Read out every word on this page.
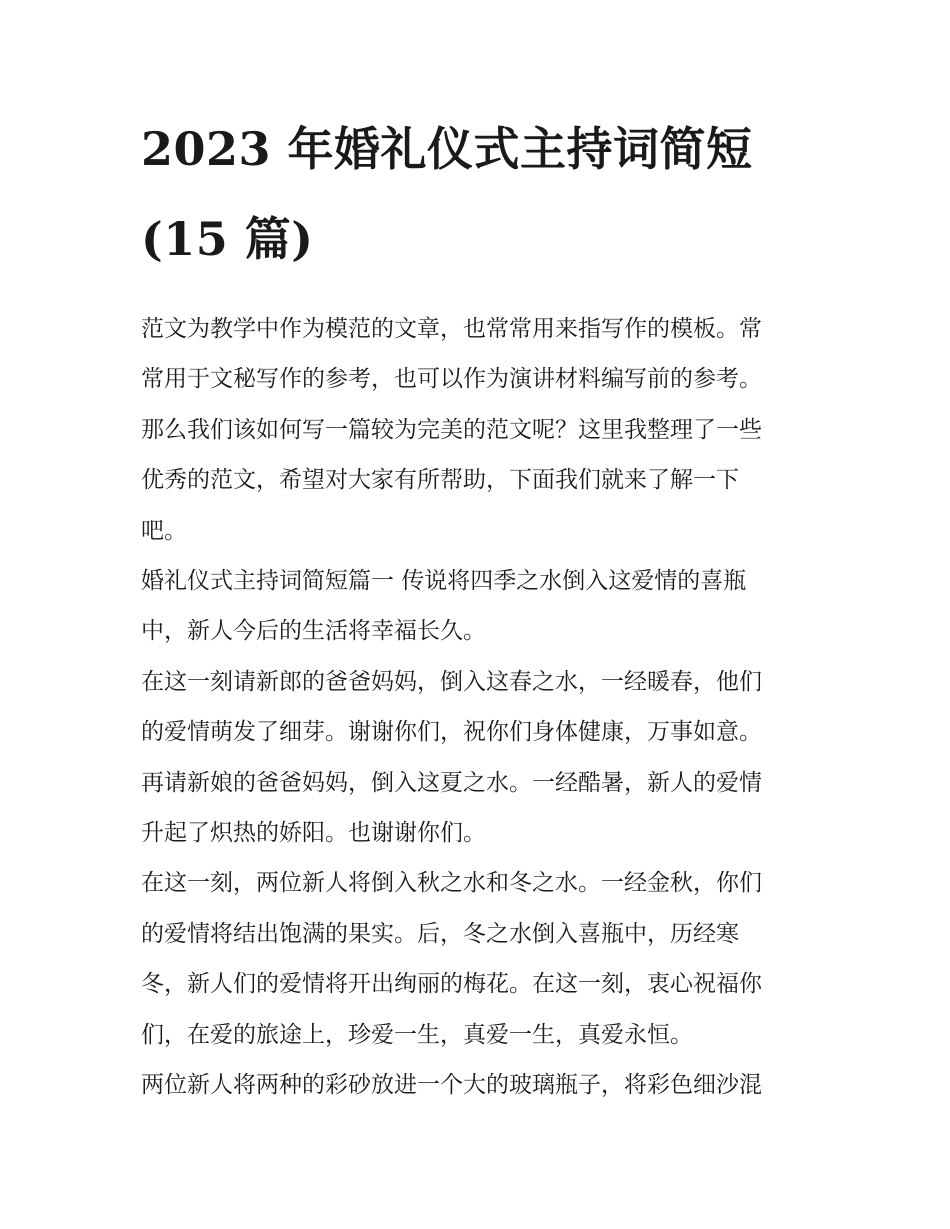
2023 年婚礼仪式主持词简短
(15 篇)

范文为教学中作为模范的文章，也常常用来指写作的模板。常
常用于文秘写作的参考，也可以作为演讲材料编写前的参考。
那么我们该如何写一篇较为完美的范文呢？这里我整理了一些
优秀的范文，希望对大家有所帮助，下面我们就来了解一下
吧。

婚礼仪式主持词简短篇一 传说将四季之水倒入这爱情的喜瓶
中，新人今后的生活将幸福长久。

在这一刻请新郎的爸爸妈妈，倒入这春之水，一经暖春，他们
的爱情萌发了细芽。谢谢你们，祝你们身体健康，万事如意。
再请新娘的爸爸妈妈，倒入这夏之水。一经酷暑，新人的爱情
升起了炽热的娇阳。也谢谢你们。

在这一刻，两位新人将倒入秋之水和冬之水。一经金秋，你们
的爱情将结出饱满的果实。后，冬之水倒入喜瓶中，历经寒
冬，新人们的爱情将开出绚丽的梅花。在这一刻，衷心祝福你
们，在爱的旅途上，珍爱一生，真爱一生，真爱永恒。

两位新人将两种的彩砂放进一个大的玻璃瓶子，将彩色细沙混
